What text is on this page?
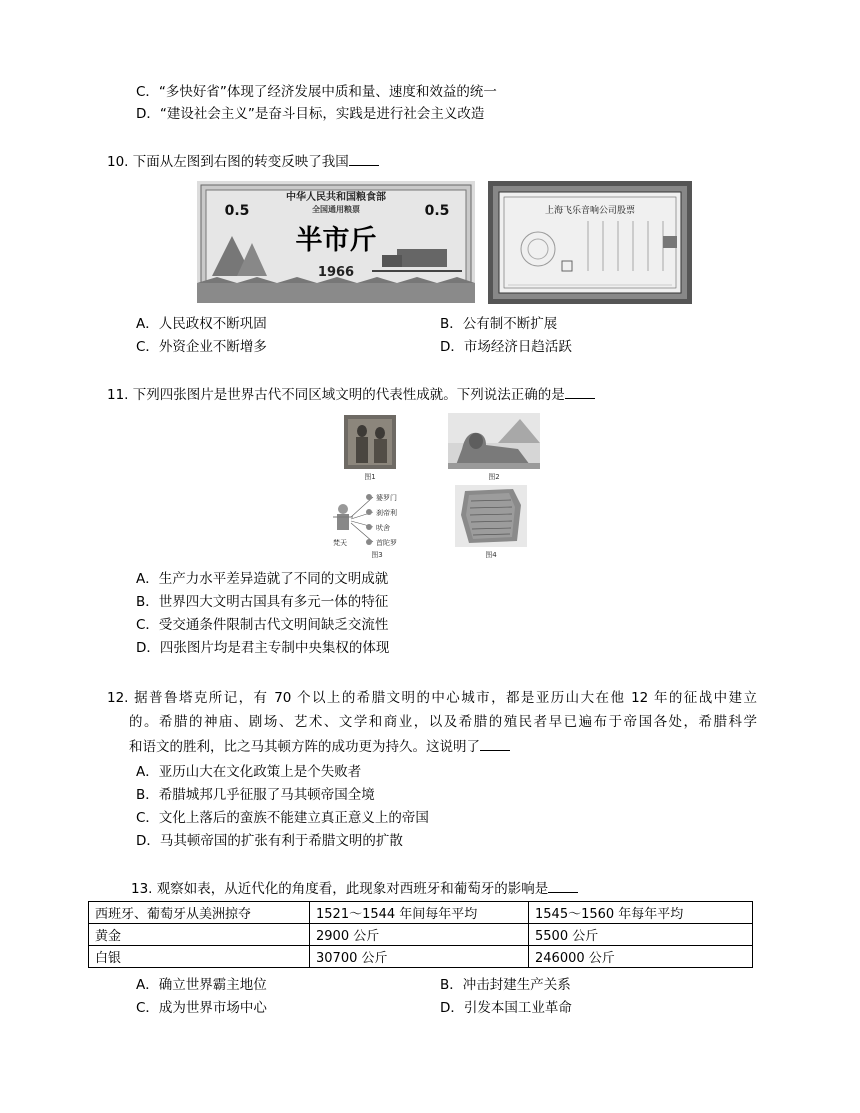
C．“多快好省”体现了经济发展中质和量、速度和效益的统一
D．“建设社会主义”是奋斗目标，实践是进行社会主义改造
10. 下面从左图到右图的转变反映了我国
中华人民共和国粮食部
全国通用粮票
0.5	0.5
半市斤
1966
上海飞乐音响公司股票
A．人民政权不断巩固	B．公有制不断扩展
C．外资企业不断增多	D．市场经济日趋活跃
11. 下列四张图片是世界古代不同区域文明的代表性成就。下列说法正确的是
图1	图2
婆罗门
刹帝利
吠舍
首陀罗
梵天
图3	图4
A．生产力水平差异造就了不同的文明成就
B．世界四大文明古国具有多元一体的特征
C．受交通条件限制古代文明间缺乏交流性
D．四张图片均是君主专制中央集权的体现
12. 据普鲁塔克所记，有 70 个以上的希腊文明的中心城市，都是亚历山大在他 12 年的征战中建立
的。希腊的神庙、剧场、艺术、文学和商业，以及希腊的殖民者早已遍布于帝国各处，希腊科学
和语文的胜利，比之马其顿方阵的成功更为持久。这说明了
A．亚历山大在文化政策上是个失败者
B．希腊城邦几乎征服了马其顿帝国全境
C．文化上落后的蛮族不能建立真正意义上的帝国
D．马其顿帝国的扩张有利于希腊文明的扩散
13. 观察如表，从近代化的角度看，此现象对西班牙和葡萄牙的影响是
西班牙、葡萄牙从美洲掠夺	1521～1544 年间每年平均	1545～1560 年每年平均
黄金	2900 公斤	5500 公斤
白银	30700 公斤	246000 公斤
A．确立世界霸主地位	B．冲击封建生产关系
C．成为世界市场中心	D．引发本国工业革命
